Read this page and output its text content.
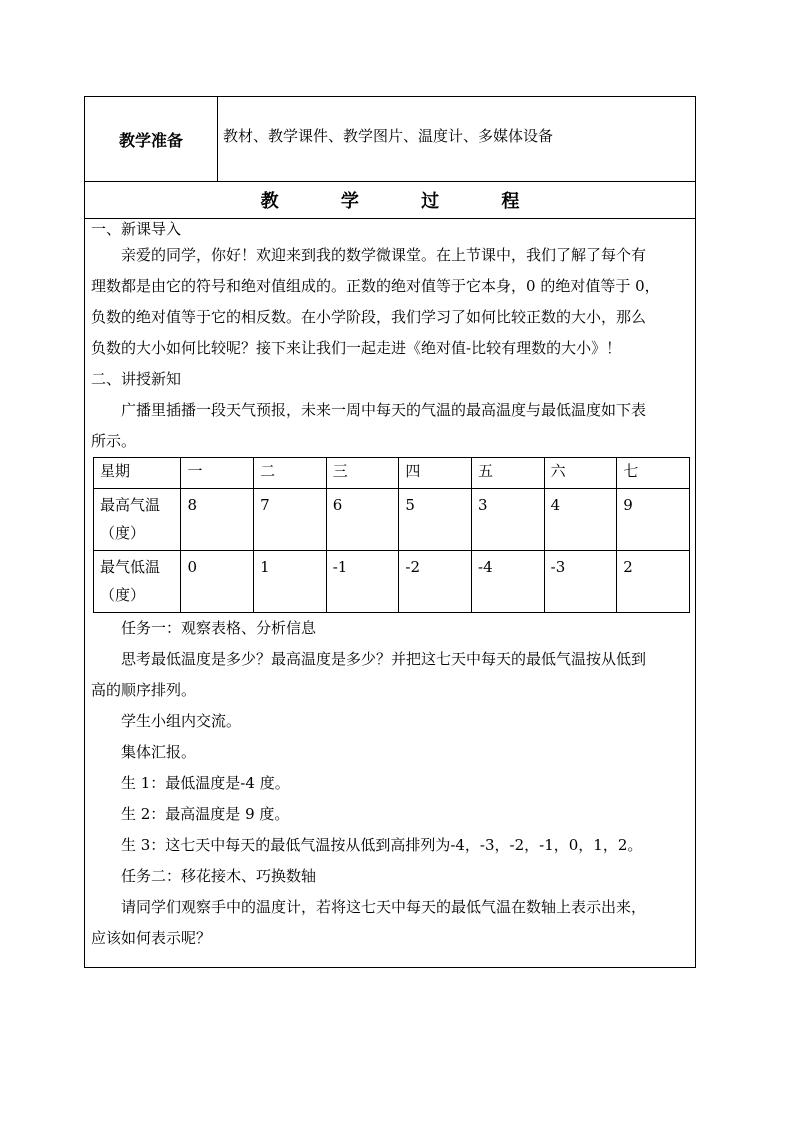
教学准备	教材、教学课件、教学图片、温度计、多媒体设备
教 学 过 程
一、新课导入
亲爱的同学，你好！欢迎来到我的数学微课堂。在上节课中，我们了解了每个有
理数都是由它的符号和绝对值组成的。正数的绝对值等于它本身，0 的绝对值等于 0，
负数的绝对值等于它的相反数。在小学阶段，我们学习了如何比较正数的大小，那么
负数的大小如何比较呢？接下来让我们一起走进《绝对值-比较有理数的大小》！
二、讲授新知
广播里插播一段天气预报，未来一周中每天的气温的最高温度与最低温度如下表
所示。
星期	一	二	三	四	五	六	七

最高气温
（度）	8	7	6	5	3	4	9

最气低温
（度）	0	1	-1	-2	-4	-3	2
任务一：观察表格、分析信息
思考最低温度是多少？最高温度是多少？并把这七天中每天的最低气温按从低到
高的顺序排列。
学生小组内交流。
集体汇报。
生 1：最低温度是-4 度。
生 2：最高温度是 9 度。
生 3：这七天中每天的最低气温按从低到高排列为-4，-3，-2，-1，0，1，2。
任务二：移花接木、巧换数轴
请同学们观察手中的温度计，若将这七天中每天的最低气温在数轴上表示出来，
应该如何表示呢？
